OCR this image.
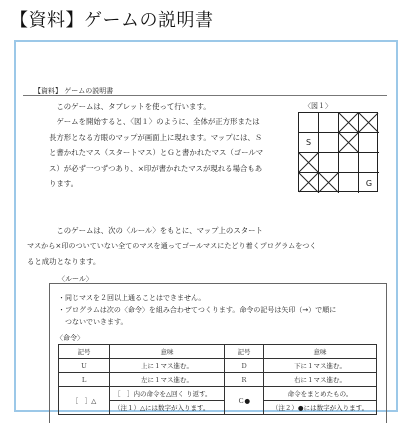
【資料】ゲームの説明書
【資料】 ゲームの説明書
　このゲームは、タブレットを使って行います。
　ゲームを開始すると、〈図１〉のように、全体が正方形または
長方形となる方眼のマップが画面上に現れます。マップには、Ｓ
と書かれたマス（スタートマス）とＧと書かれたマス（ゴールマ
ス）が必ず一つずつあり、×印が書かれたマスが現れる場合もあ
ります。
　このゲームは、次の〈ルール〉をもとに、マップ上のスタート
マスから×印のついていない全てのマスを通ってゴールマスにたどり着くプログラムをつく
ると成功となります。
〈図１〉
S
G
〈ルール〉
・同じマスを２回以上通ることはできません。
・プログラムは次の〈命令〉を組み合わせてつくります。命令の記号は矢印（→）で順に
　つないでいきます。
〈命令〉
記号	意味	記号	意味
Ｕ	上に１マス進む。	Ｄ	下に１マス進む。
Ｌ	左に１マス進む。	Ｒ	右に１マス進む。
［　］△	［　］内の命令を△回く り返す。	Ｃ●	命令をまとめたもの。
	（注１）△には数字が入ります。		（注２）●には数字が入ります。
